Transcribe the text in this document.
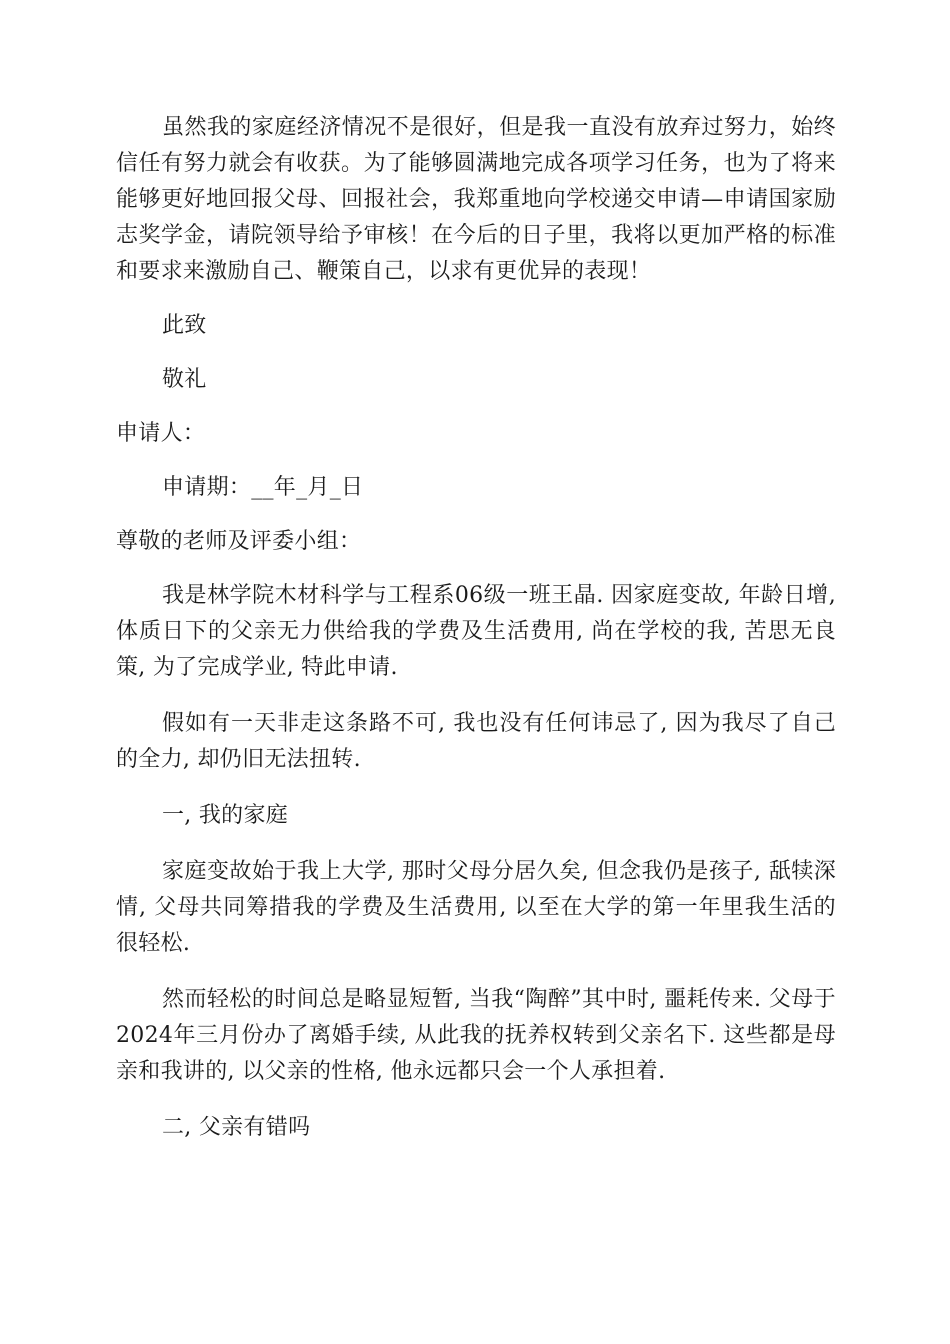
虽然我的家庭经济情况不是很好，但是我一直没有放弃过努力，始终信任有努力就会有收获。为了能够圆满地完成各项学习任务，也为了将来能够更好地回报父母、回报社会，我郑重地向学校递交申请—申请国家励志奖学金，请院领导给予审核！在今后的日子里，我将以更加严格的标准和要求来激励自己、鞭策自己，以求有更优异的表现！

此致

敬礼

申请人：

申请期：__年_月_日

尊敬的老师及评委小组：

我是林学院木材科学与工程系06级一班王晶. 因家庭变故, 年龄日增, 体质日下的父亲无力供给我的学费及生活费用, 尚在学校的我, 苦思无良策, 为了完成学业, 特此申请.

假如有一天非走这条路不可, 我也没有任何讳忌了, 因为我尽了自己的全力, 却仍旧无法扭转.

一, 我的家庭

家庭变故始于我上大学, 那时父母分居久矣, 但念我仍是孩子, 舐犊深情, 父母共同筹措我的学费及生活费用, 以至在大学的第一年里我生活的很轻松.

然而轻松的时间总是略显短暂, 当我“陶醉”其中时, 噩耗传来. 父母于2024年三月份办了离婚手续, 从此我的抚养权转到父亲名下. 这些都是母亲和我讲的, 以父亲的性格, 他永远都只会一个人承担着.

二, 父亲有错吗
